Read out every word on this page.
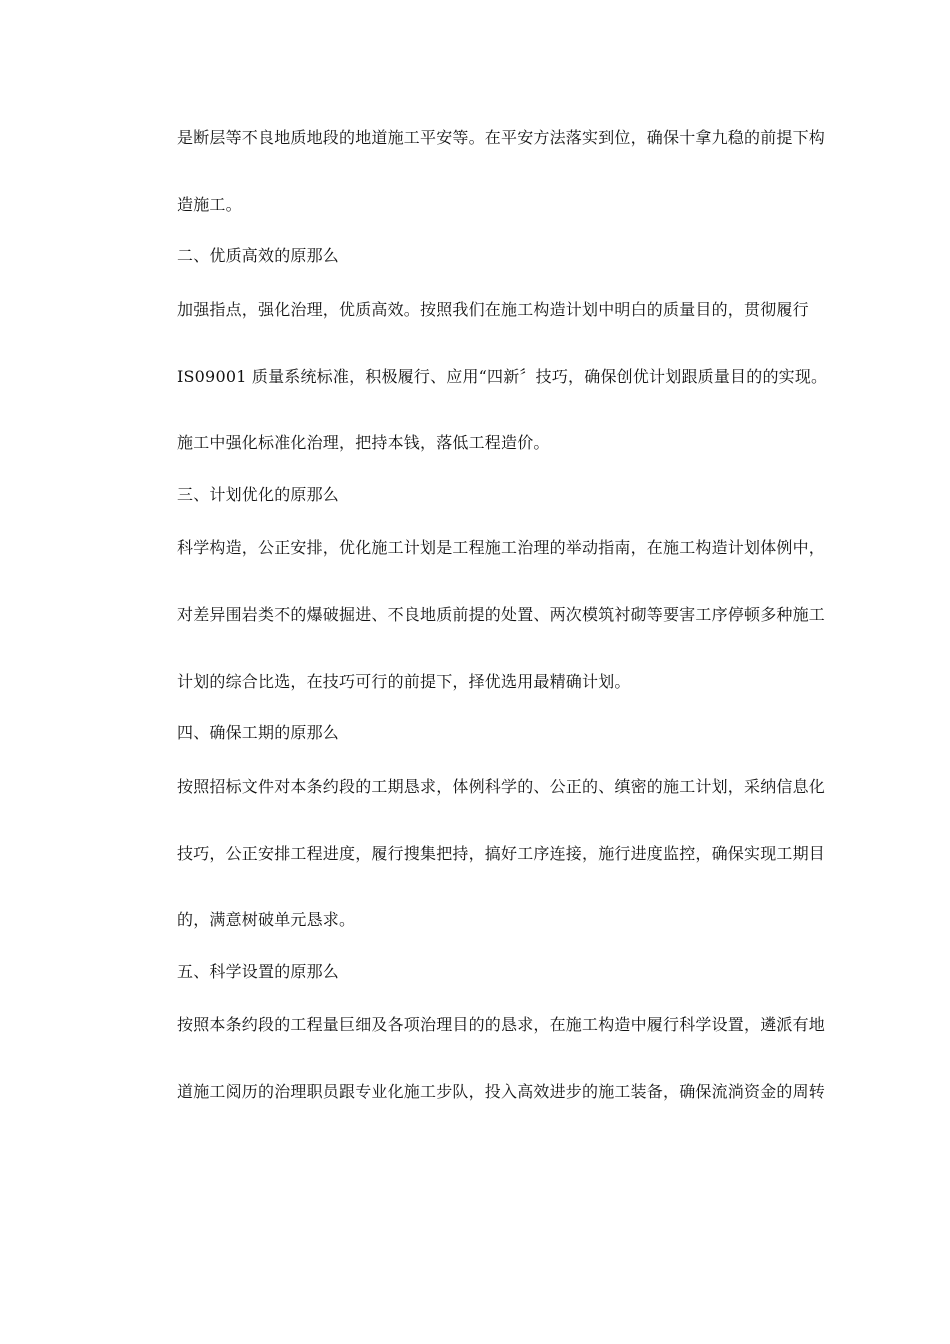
是断层等不良地质地段的地道施工平安等。在平安方法落实到位，确保十拿九稳的前提下构
造施工。
二、优质高效的原那么
加强指点，强化治理，优质高效。按照我们在施工构造计划中明白的质量目的，贯彻履行
IS09001 质量系统标准，积极履行、应用“四新〞技巧，确保创优计划跟质量目的的实现。
施工中强化标准化治理，把持本钱，落低工程造价。
三、计划优化的原那么
科学构造，公正安排，优化施工计划是工程施工治理的举动指南，在施工构造计划体例中，
对差异围岩类不的爆破掘进、不良地质前提的处置、两次模筑衬砌等要害工序停顿多种施工
计划的综合比选，在技巧可行的前提下，择优选用最精确计划。
四、确保工期的原那么
按照招标文件对本条约段的工期恳求，体例科学的、公正的、缜密的施工计划，采纳信息化
技巧，公正安排工程进度，履行搜集把持，搞好工序连接，施行进度监控，确保实现工期目
的，满意树破单元恳求。
五、科学设置的原那么
按照本条约段的工程量巨细及各项治理目的的恳求，在施工构造中履行科学设置，遴派有地
道施工阅历的治理职员跟专业化施工步队，投入高效进步的施工装备，确保流淌资金的周转
